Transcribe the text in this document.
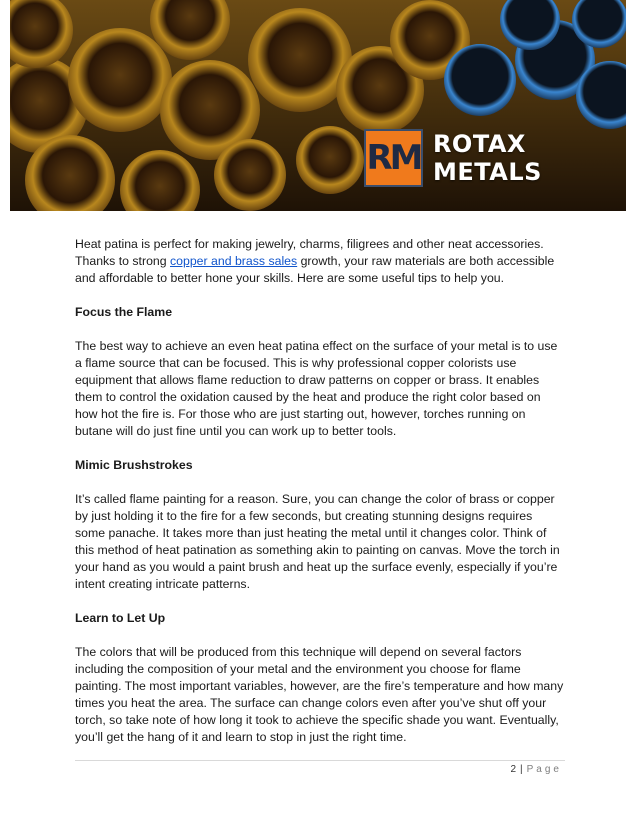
RM ROTAX METALS

Heat patina is perfect for making jewelry, charms, filigrees and other neat accessories. Thanks to strong copper and brass sales growth, your raw materials are both accessible and affordable to better hone your skills. Here are some useful tips to help you.

Focus the Flame

The best way to achieve an even heat patina effect on the surface of your metal is to use a flame source that can be focused. This is why professional copper colorists use equipment that allows flame reduction to draw patterns on copper or brass. It enables them to control the oxidation caused by the heat and produce the right color based on how hot the fire is. For those who are just starting out, however, torches running on butane will do just fine until you can work up to better tools.

Mimic Brushstrokes

It’s called flame painting for a reason. Sure, you can change the color of brass or copper by just holding it to the fire for a few seconds, but creating stunning designs requires some panache. It takes more than just heating the metal until it changes color. Think of this method of heat patination as something akin to painting on canvas. Move the torch in your hand as you would a paint brush and heat up the surface evenly, especially if you’re intent creating intricate patterns.

Learn to Let Up

The colors that will be produced from this technique will depend on several factors including the composition of your metal and the environment you choose for flame painting. The most important variables, however, are the fire’s temperature and how many times you heat the area. The surface can change colors even after you’ve shut off your torch, so take note of how long it took to achieve the specific shade you want. Eventually, you’ll get the hang of it and learn to stop in just the right time.

2 | Page
